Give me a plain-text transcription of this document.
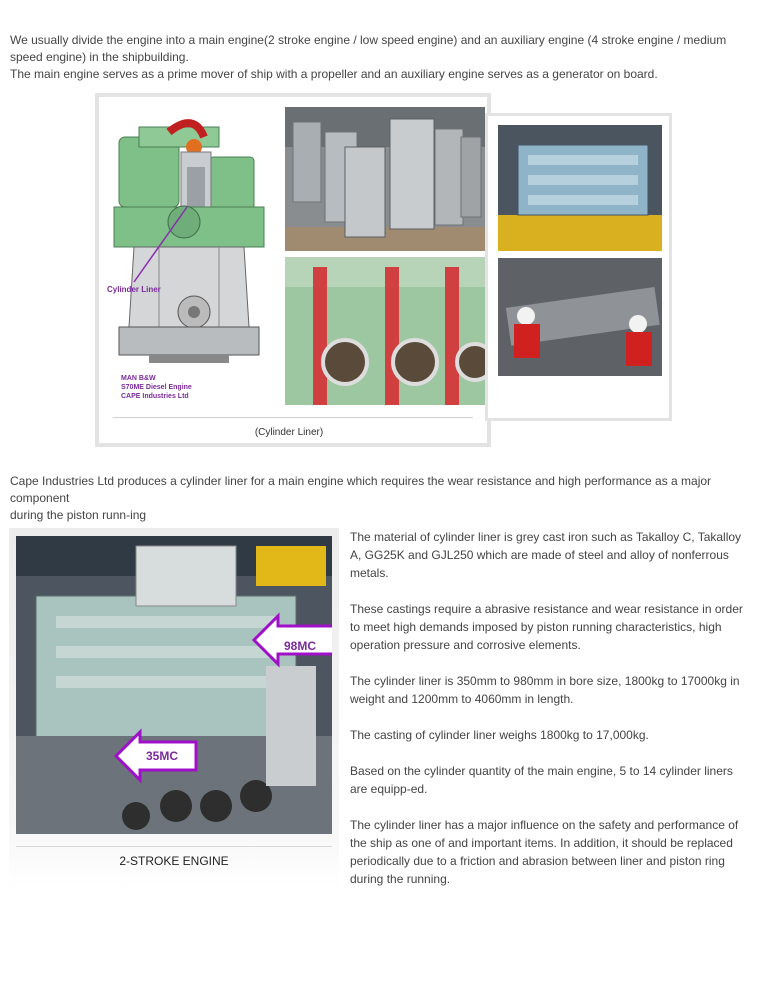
We usually divide the engine into a main engine(2 stroke engine / low speed engine) and an auxiliary engine (4 stroke engine / medium speed engine) in the shipbuilding.

The main engine serves as a prime mover of ship with a propeller and an auxiliary engine serves as a generator on board.

Cylinder Liner
MAN B&W
S70ME Diesel Engine
CAPE Industries Ltd
(Cylinder Liner)

Cape Industries Ltd produces a cylinder liner for a main engine which requires the wear resistance and high performance as a major component

during the piston runn-ing

98MC
35MC
2-STROKE ENGINE

The material of cylinder liner is grey cast iron such as Takalloy C, Takalloy A, GG25K and GJL250 which are made of steel and alloy of nonferrous metals.

These castings require a abrasive resistance and wear resistance in order to meet high demands imposed by piston running characteristics, high operation pressure and corrosive elements.

The cylinder liner is 350mm to 980mm in bore size, 1800kg to 17000kg in weight and 1200mm to 4060mm in length.

The casting of cylinder liner weighs 1800kg to 17,000kg.

Based on the cylinder quantity of the main engine, 5 to 14 cylinder liners are equipp-ed.

The cylinder liner has a major influence on the safety and performance of the ship as one of and important items. In addition, it should be replaced periodically due to a friction and abrasion between liner and piston ring during the running.
